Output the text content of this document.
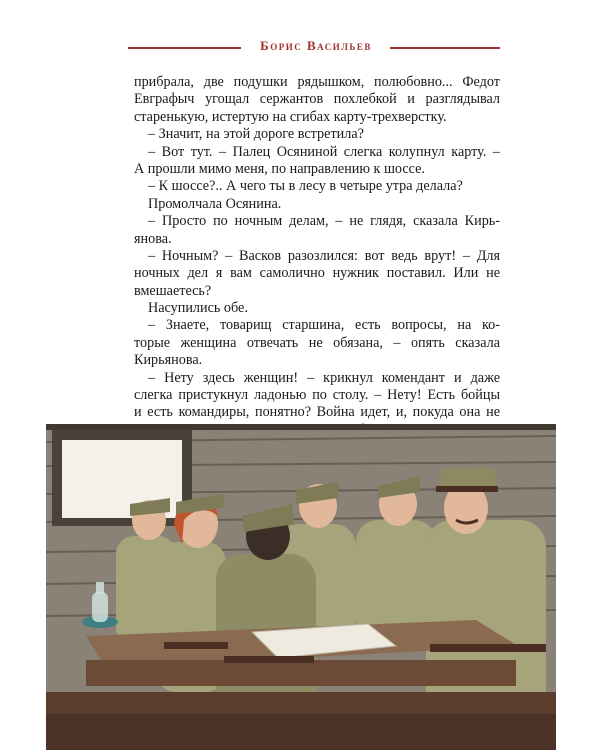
Борис Васильев
прибрала, две подушки рядышком, полюбовно... Федот
Евграфыч угощал сержантов похлебкой и разглядывал
старенькую, истертую на сгибах карту-трехверстку.
– Значит, на этой дороге встретила?
– Вот тут. – Палец Осяниной слегка колупнул карту. –
А прошли мимо меня, по направлению к шоссе.
– К шоссе?.. А чего ты в лесу в четыре утра делала?
Промолчала Осянина.
– Просто по ночным делам, – не глядя, сказала Кирь-
янова.
– Ночным? – Васков разозлился: вот ведь врут! – Для
ночных дел я вам самолично нужник поставил. Или не
вмешаетесь?
Насупились обе.
– Знаете, товарищ старшина, есть вопросы, на ко-
торые женщина отвечать не обязана, – опять сказала
Кирьянова.
– Нету здесь женщин! – крикнул комендант и даже
слегка пристукнул ладонью по столу. – Нету! Есть бойцы
и есть командиры, понятно? Война идет, и, покуда она не
